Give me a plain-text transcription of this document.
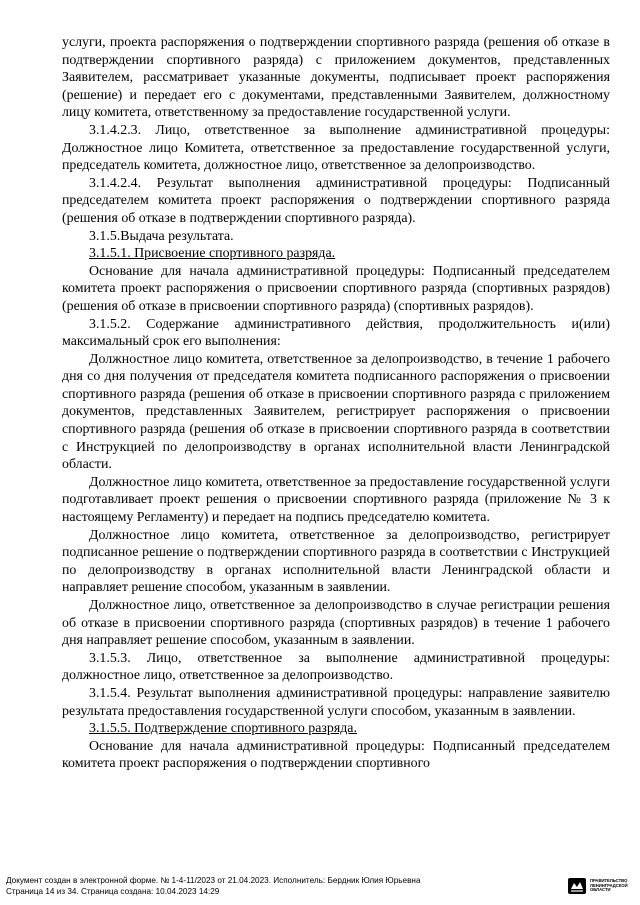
услуги, проекта распоряжения о подтверждении спортивного разряда (решения об отказе в подтверждении спортивного разряда) с приложением документов, представленных Заявителем, рассматривает указанные документы, подписывает проект распоряжения (решение) и передает его с документами, представленными Заявителем, должностному лицу комитета, ответственному за предоставление государственной услуги.

3.1.4.2.3. Лицо, ответственное за выполнение административной процедуры: Должностное лицо Комитета, ответственное за предоставление государственной услуги, председатель комитета, должностное лицо, ответственное за делопроизводство.

3.1.4.2.4. Результат выполнения административной процедуры: Подписанный председателем комитета проект распоряжения о подтверждении спортивного разряда (решения об отказе в подтверждении спортивного разряда).

3.1.5.Выдача результата.

3.1.5.1. Присвоение спортивного разряда.

Основание для начала административной процедуры: Подписанный председателем комитета проект распоряжения о присвоении спортивного разряда (спортивных разрядов) (решения об отказе в присвоении спортивного разряда) (спортивных разрядов).

3.1.5.2. Содержание административного действия, продолжительность и(или) максимальный срок его выполнения:

Должностное лицо комитета, ответственное за делопроизводство, в течение 1 рабочего дня со дня получения от председателя комитета подписанного распоряжения о присвоении спортивного разряда (решения об отказе в присвоении спортивного разряда с приложением документов, представленных Заявителем, регистрирует распоряжения о присвоении спортивного разряда (решения об отказе в присвоении спортивного разряда в соответствии с Инструкцией по делопроизводству в органах исполнительной власти Ленинградской области.

Должностное лицо комитета, ответственное за предоставление государственной услуги подготавливает проект решения о присвоении спортивного разряда (приложение № 3 к настоящему Регламенту) и передает на подпись председателю комитета.

Должностное лицо комитета, ответственное за делопроизводство, регистрирует подписанное решение о подтверждении спортивного разряда в соответствии с Инструкцией по делопроизводству в органах исполнительной власти Ленинградской области и направляет решение способом, указанным в заявлении.

Должностное лицо, ответственное за делопроизводство в случае регистрации решения об отказе в присвоении спортивного разряда (спортивных разрядов) в течение 1 рабочего дня направляет решение способом, указанным в заявлении.

3.1.5.3. Лицо, ответственное за выполнение административной процедуры: должностное лицо, ответственное за делопроизводство.

3.1.5.4. Результат выполнения административной процедуры: направление заявителю результата предоставления государственной услуги способом, указанным в заявлении.

3.1.5.5. Подтверждение спортивного разряда.

Основание для начала административной процедуры: Подписанный председателем комитета проект распоряжения о подтверждении спортивного

Документ создан в электронной форме. № 1-4-11/2023 от 21.04.2023. Исполнитель: Бердник Юлия Юрьевна
Страница 14 из 34. Страница создана: 10.04.2023 14:29
ПРАВИТЕЛЬСТВО ЛЕНИНГРАДСКОЙ ОБЛАСТИ
